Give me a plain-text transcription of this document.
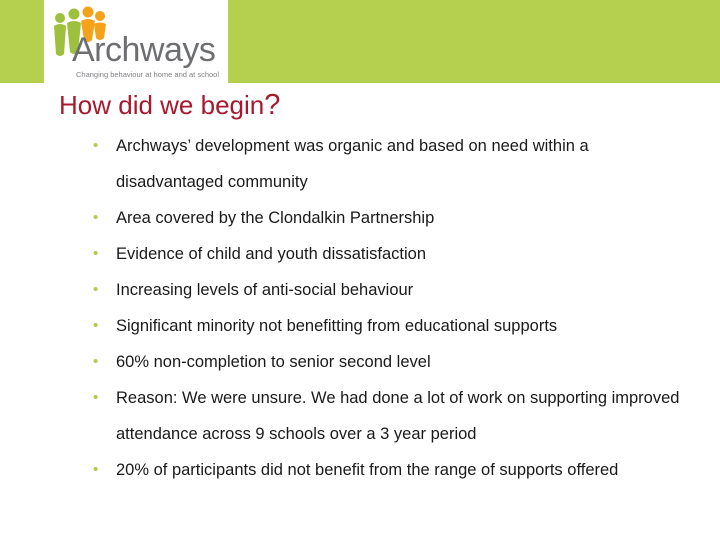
Archways
Changing behaviour at home and at school
How did we begin?
• Archways’ development was organic and based on need within a disadvantaged community
• Area covered by the Clondalkin Partnership
• Evidence of child and youth dissatisfaction
• Increasing levels of anti-social behaviour
• Significant minority not benefitting from educational supports
• 60% non-completion to senior second level
• Reason: We were unsure. We had done a lot of work on supporting improved attendance across 9 schools over a 3 year period
• 20% of participants did not benefit from the range of supports offered
